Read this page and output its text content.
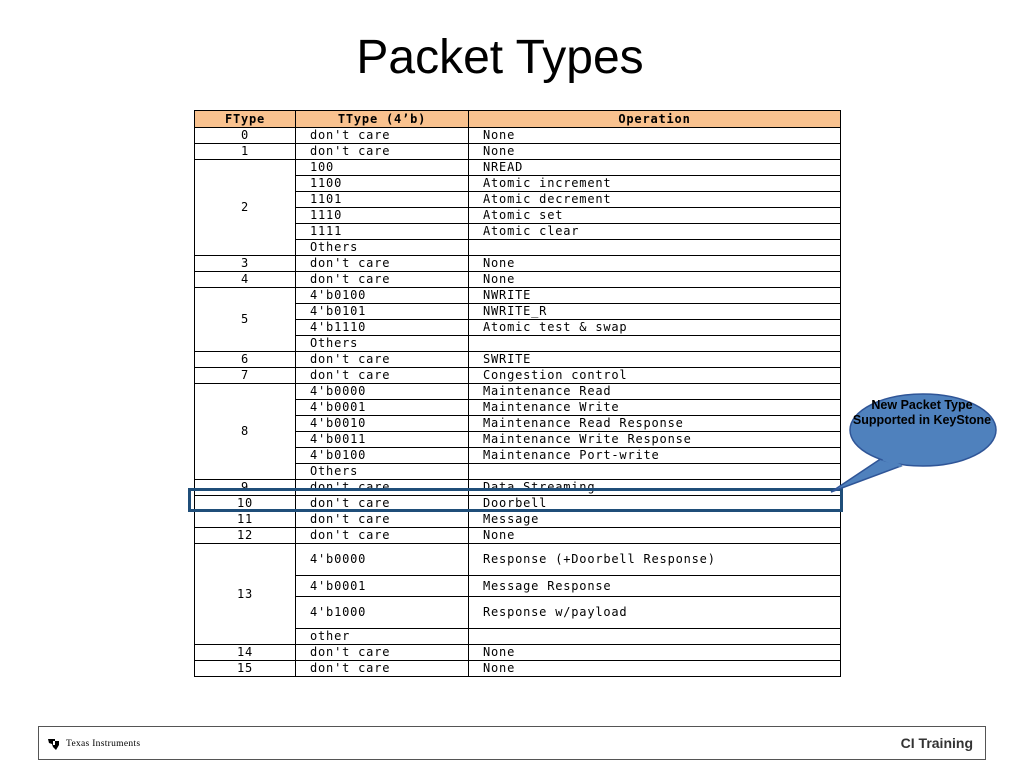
Packet Types
FType	TType (4’b)	Operation
0	don't care	None
1	don't care	None
2	100	NREAD
	1100	Atomic increment
	1101	Atomic decrement
	1110	Atomic set
	1111	Atomic clear
	Others	
3	don't care	None
4	don't care	None
5	4'b0100	NWRITE
	4'b0101	NWRITE_R
	4'b1110	Atomic test & swap
	Others	
6	don't care	SWRITE
7	don't care	Congestion control
8	4'b0000	Maintenance Read
	4'b0001	Maintenance Write
	4'b0010	Maintenance Read Response
	4'b0011	Maintenance Write Response
	4'b0100	Maintenance Port-write
	Others	
9	don't care	Data Streaming
10	don't care	Doorbell
11	don't care	Message
12	don't care	None
13	4'b0000	Response (+Doorbell Response)
	4'b0001	Message Response
	4'b1000	Response w/payload
	other	
14	don't care	None
15	don't care	None
New Packet Type Supported in KeyStone
Texas Instruments	CI Training
